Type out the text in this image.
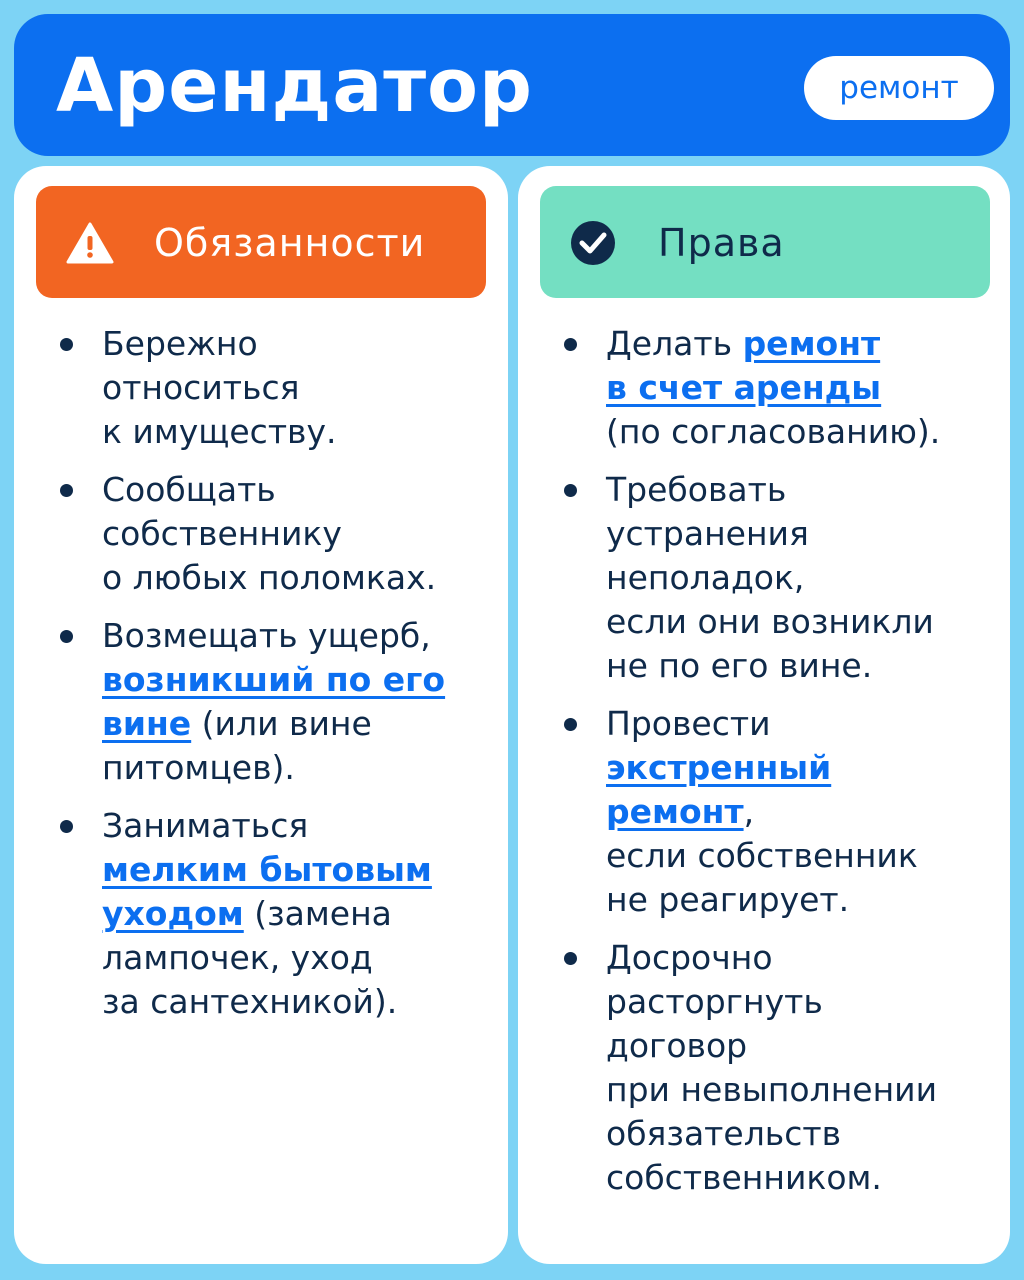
Арендатор	ремонт
Обязанности
Бережно
относиться
к имуществу.
Сообщать
собственнику
о любых поломках.
Возмещать ущерб,
возникший по его
вине (или вине
питомцев).
Заниматься
мелким бытовым
уходом (замена
лампочек, уход
за сантехникой).
Права
Делать ремонт
в счет аренды
(по согласованию).
Требовать
устранения
неполадок,
если они возникли
не по его вине.
Провести
экстренный
ремонт,
если собственник
не реагирует.
Досрочно
расторгнуть
договор
при невыполнении
обязательств
собственником.
